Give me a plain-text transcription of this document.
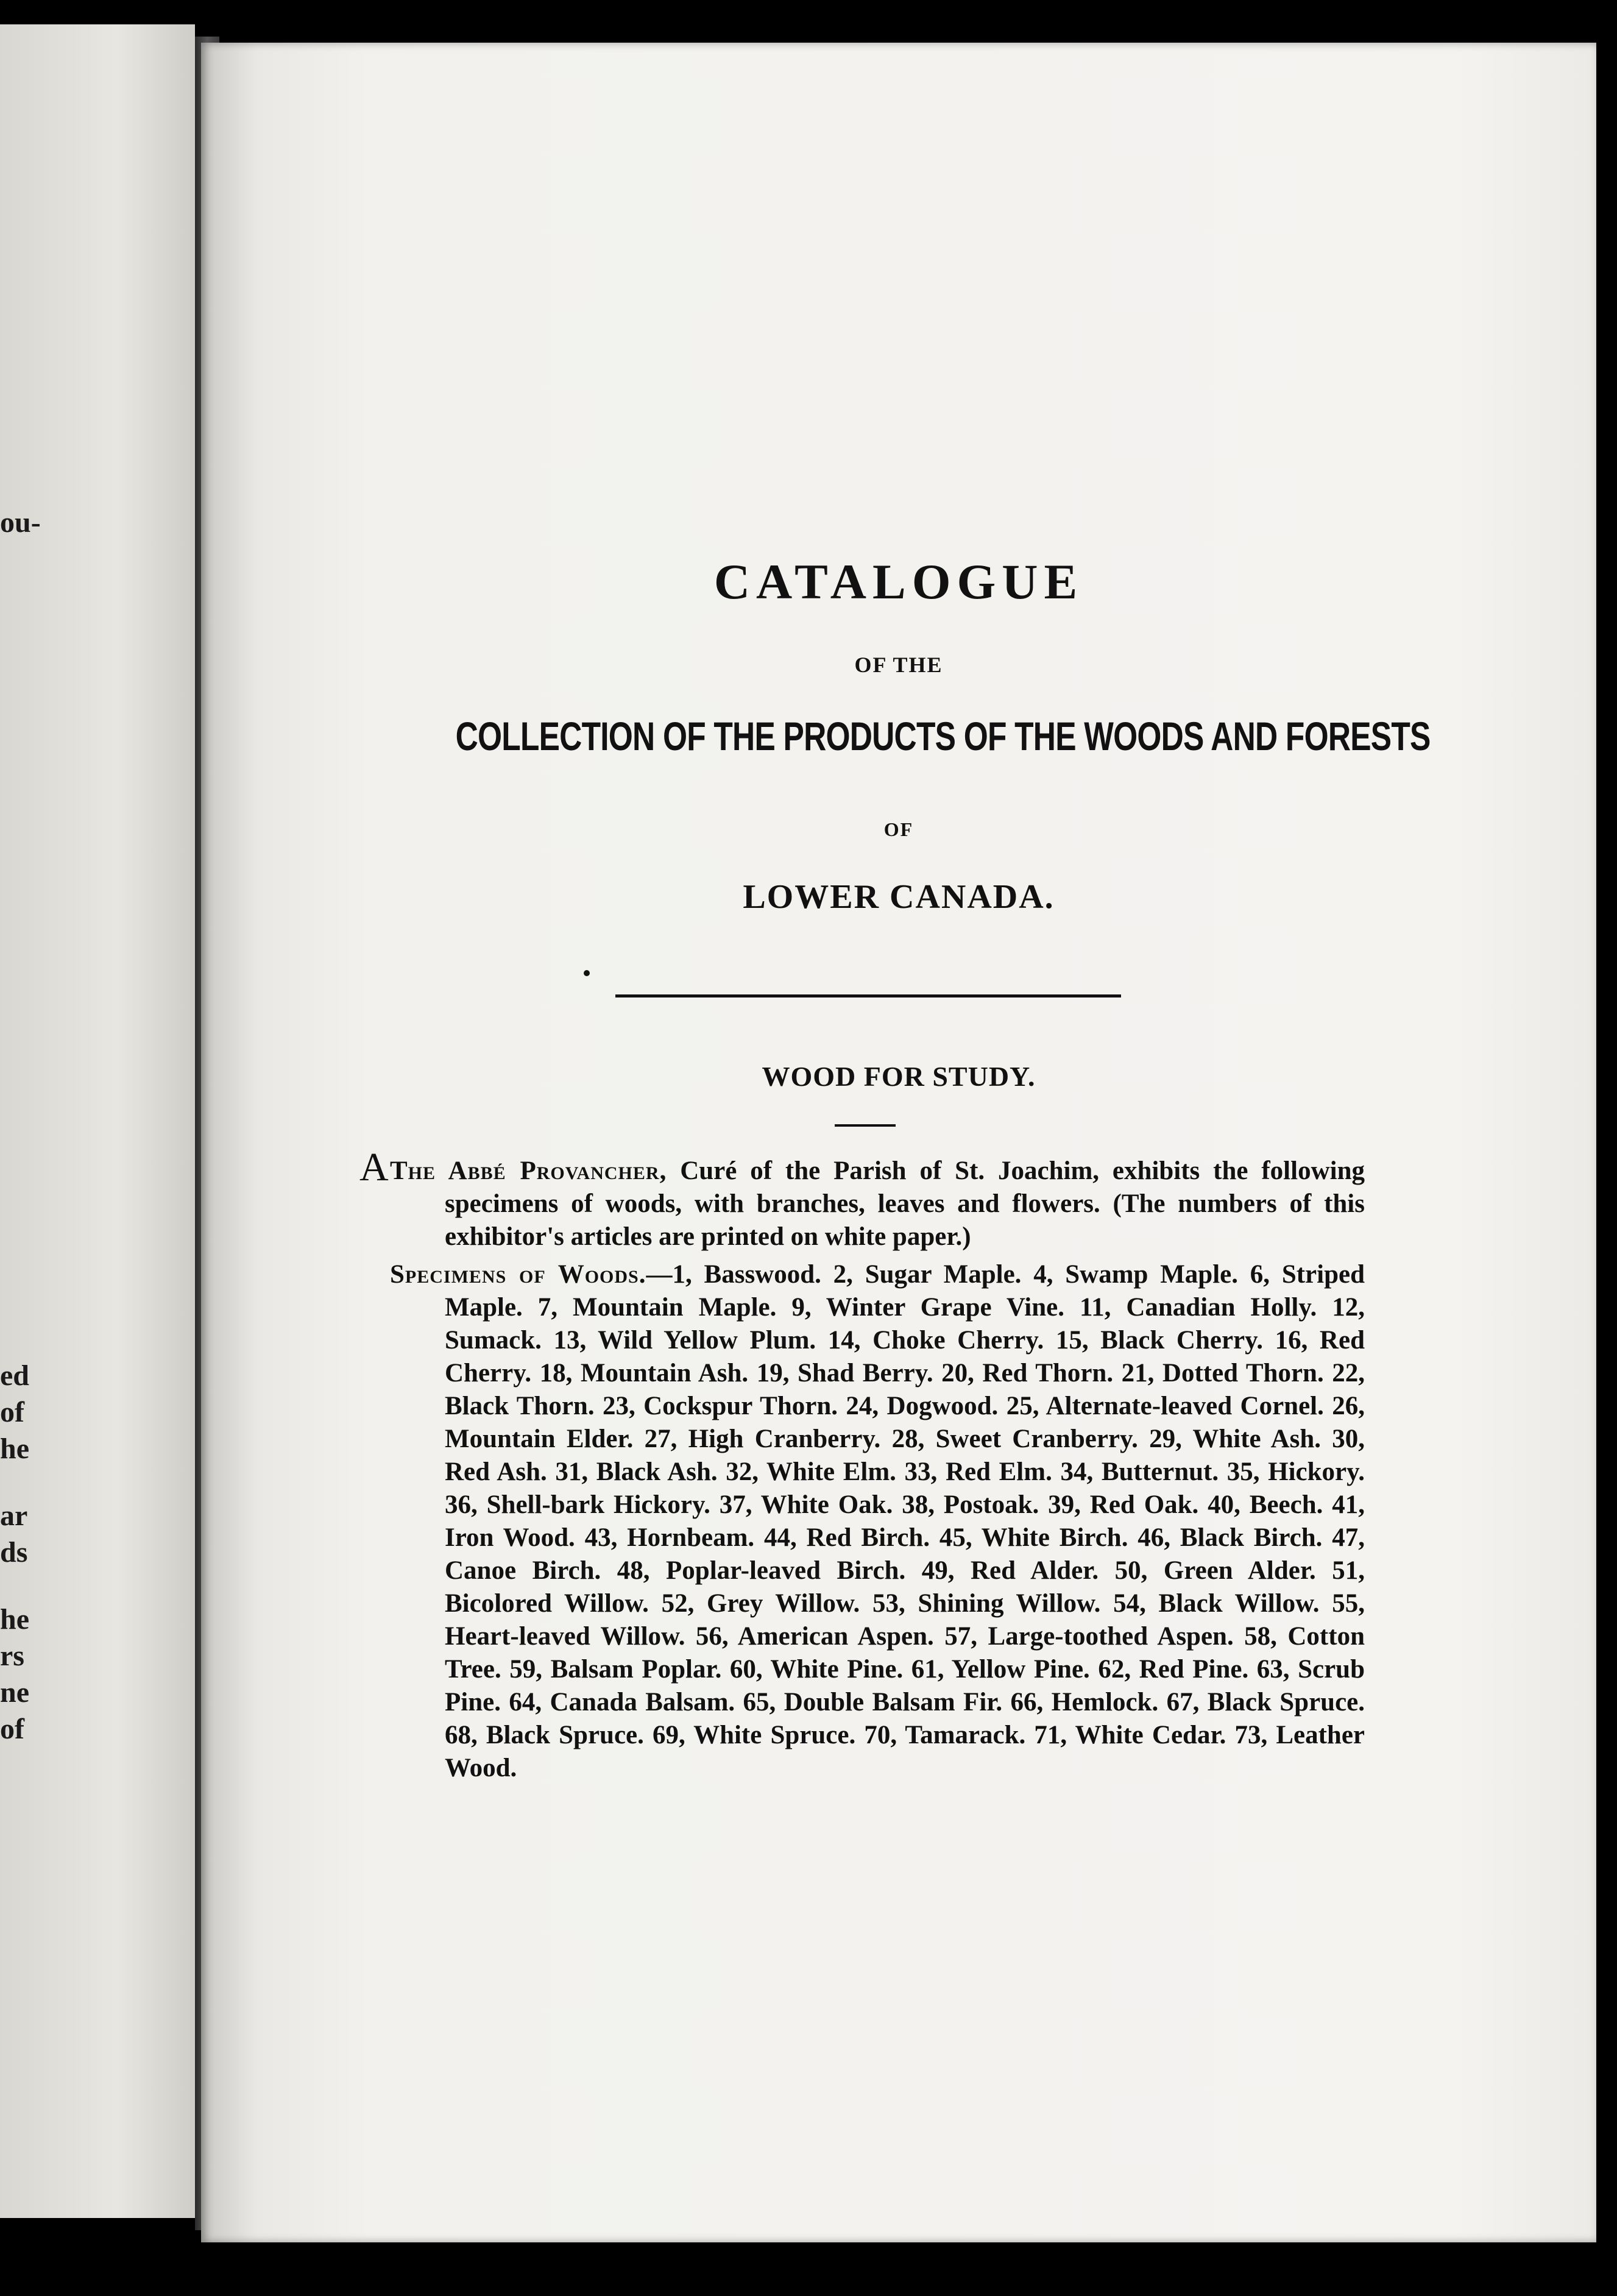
ou-
ed
of
he
ar
ds
he
rs
ne
of
CATALOGUE
OF THE
COLLECTION OF THE PRODUCTS OF THE WOODS AND FORESTS
OF
LOWER CANADA.
WOOD FOR STUDY.
A The Abbé Provancher, Curé of the Parish of St. Joachim, exhibits the following specimens of woods, with branches, leaves and flowers. (The numbers of this exhibitor's articles are printed on white paper.)

Specimens of Woods.—1, Basswood. 2, Sugar Maple. 4, Swamp Maple. 6, Striped Maple. 7, Mountain Maple. 9, Winter Grape Vine. 11, Canadian Holly. 12, Sumack. 13, Wild Yellow Plum. 14, Choke Cherry. 15, Black Cherry. 16, Red Cherry. 18, Mountain Ash. 19, Shad Berry. 20, Red Thorn. 21, Dotted Thorn. 22, Black Thorn. 23, Cockspur Thorn. 24, Dogwood. 25, Alternate-leaved Cornel. 26, Mountain Elder. 27, High Cranberry. 28, Sweet Cranberry. 29, White Ash. 30, Red Ash. 31, Black Ash. 32, White Elm. 33, Red Elm. 34, Butternut. 35, Hickory. 36, Shell-bark Hickory. 37, White Oak. 38, Postoak. 39, Red Oak. 40, Beech. 41, Iron Wood. 43, Hornbeam. 44, Red Birch. 45, White Birch. 46, Black Birch. 47, Canoe Birch. 48, Poplar-leaved Birch. 49, Red Alder. 50, Green Alder. 51, Bicolored Willow. 52, Grey Willow. 53, Shining Willow. 54, Black Willow. 55, Heart-leaved Willow. 56, American Aspen. 57, Large-toothed Aspen. 58, Cotton Tree. 59, Balsam Poplar. 60, White Pine. 61, Yellow Pine. 62, Red Pine. 63, Scrub Pine. 64, Canada Balsam. 65, Double Balsam Fir. 66, Hemlock. 67, Black Spruce. 68, Black Spruce. 69, White Spruce. 70, Tamarack. 71, White Cedar. 73, Leather Wood.
